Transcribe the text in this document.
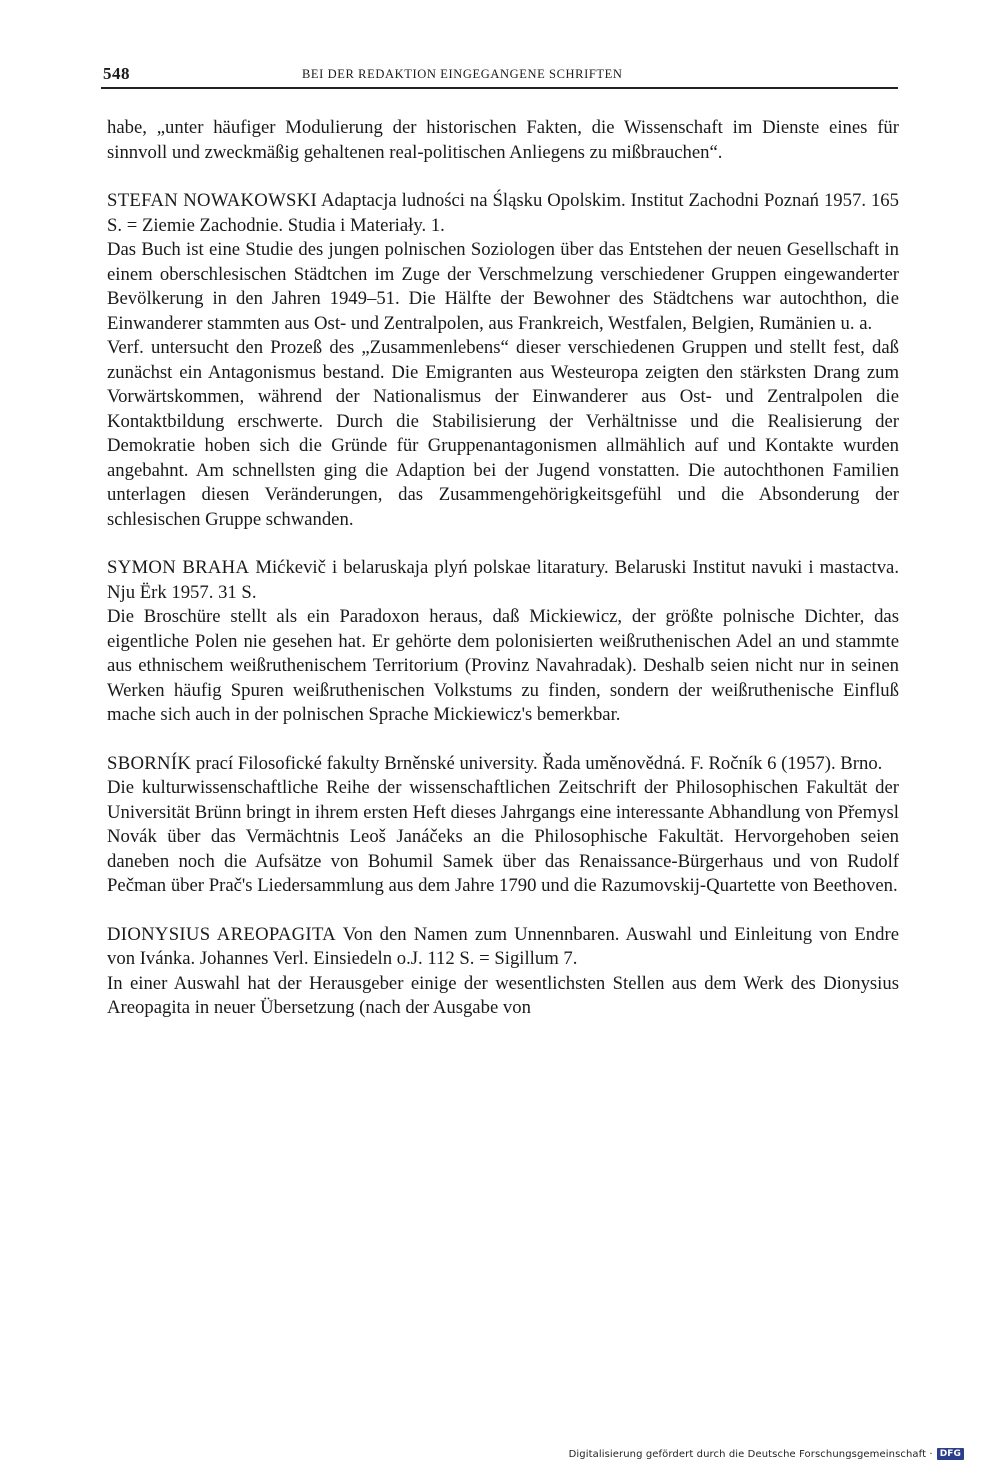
548	BEI DER REDAKTION EINGEGANGENE SCHRIFTEN

habe, „unter häufiger Modulierung der historischen Fakten, die Wissenschaft im Dienste eines für sinnvoll und zweckmäßig gehaltenen real-politischen Anliegens zu mißbrauchen“.

STEFAN NOWAKOWSKI Adaptacja ludności na Śląsku Opolskim. Institut Zachodni Poznań 1957. 165 S. = Ziemie Zachodnie. Studia i Materiały. 1.

Das Buch ist eine Studie des jungen polnischen Soziologen über das Entstehen der neuen Gesellschaft in einem oberschlesischen Städtchen im Zuge der Verschmelzung verschiedener Gruppen eingewanderter Bevölkerung in den Jahren 1949–51. Die Hälfte der Bewohner des Städtchens war autochthon, die Einwanderer stammten aus Ost- und Zentralpolen, aus Frankreich, Westfalen, Belgien, Rumänien u. a.

Verf. untersucht den Prozeß des „Zusammenlebens“ dieser verschiedenen Gruppen und stellt fest, daß zunächst ein Antagonismus bestand. Die Emigranten aus Westeuropa zeigten den stärksten Drang zum Vorwärtskommen, während der Nationalismus der Einwanderer aus Ost- und Zentralpolen die Kontaktbildung erschwerte. Durch die Stabilisierung der Verhältnisse und die Realisierung der Demokratie hoben sich die Gründe für Gruppenantagonismen allmählich auf und Kontakte wurden angebahnt. Am schnellsten ging die Adaption bei der Jugend vonstatten. Die autochthonen Familien unterlagen diesen Veränderungen, das Zusammengehörigkeitsgefühl und die Absonderung der schlesischen Gruppe schwanden.

SYMON BRAHA Mićkevič i belaruskaja plyń polskae litaratury. Belaruski Institut navuki i mastactva. Nju Ërk 1957. 31 S.

Die Broschüre stellt als ein Paradoxon heraus, daß Mickiewicz, der größte polnische Dichter, das eigentliche Polen nie gesehen hat. Er gehörte dem polonisierten weißruthenischen Adel an und stammte aus ethnischem weißruthenischem Territorium (Provinz Navahradak). Deshalb seien nicht nur in seinen Werken häufig Spuren weißruthenischen Volkstums zu finden, sondern der weißruthenische Einfluß mache sich auch in der polnischen Sprache Mickiewicz's bemerkbar.

SBORNÍK prací Filosofické fakulty Brněnské university. Řada uměnovědná. F. Ročník 6 (1957). Brno.

Die kulturwissenschaftliche Reihe der wissenschaftlichen Zeitschrift der Philosophischen Fakultät der Universität Brünn bringt in ihrem ersten Heft dieses Jahrgangs eine interessante Abhandlung von Přemysl Novák über das Vermächtnis Leoš Janáčeks an die Philosophische Fakultät. Hervorgehoben seien daneben noch die Aufsätze von Bohumil Samek über das Renaissance-Bürgerhaus und von Rudolf Pečman über Prač's Liedersammlung aus dem Jahre 1790 und die Razumovskij-Quartette von Beethoven.

DIONYSIUS AREOPAGITA Von den Namen zum Unnennbaren. Auswahl und Einleitung von Endre von Ivánka. Johannes Verl. Einsiedeln o.J. 112 S. = Sigillum 7.

In einer Auswahl hat der Herausgeber einige der wesentlichsten Stellen aus dem Werk des Dionysius Areopagita in neuer Übersetzung (nach der Ausgabe von

Digitalisierung gefördert durch die Deutsche Forschungsgemeinschaft · DFG
